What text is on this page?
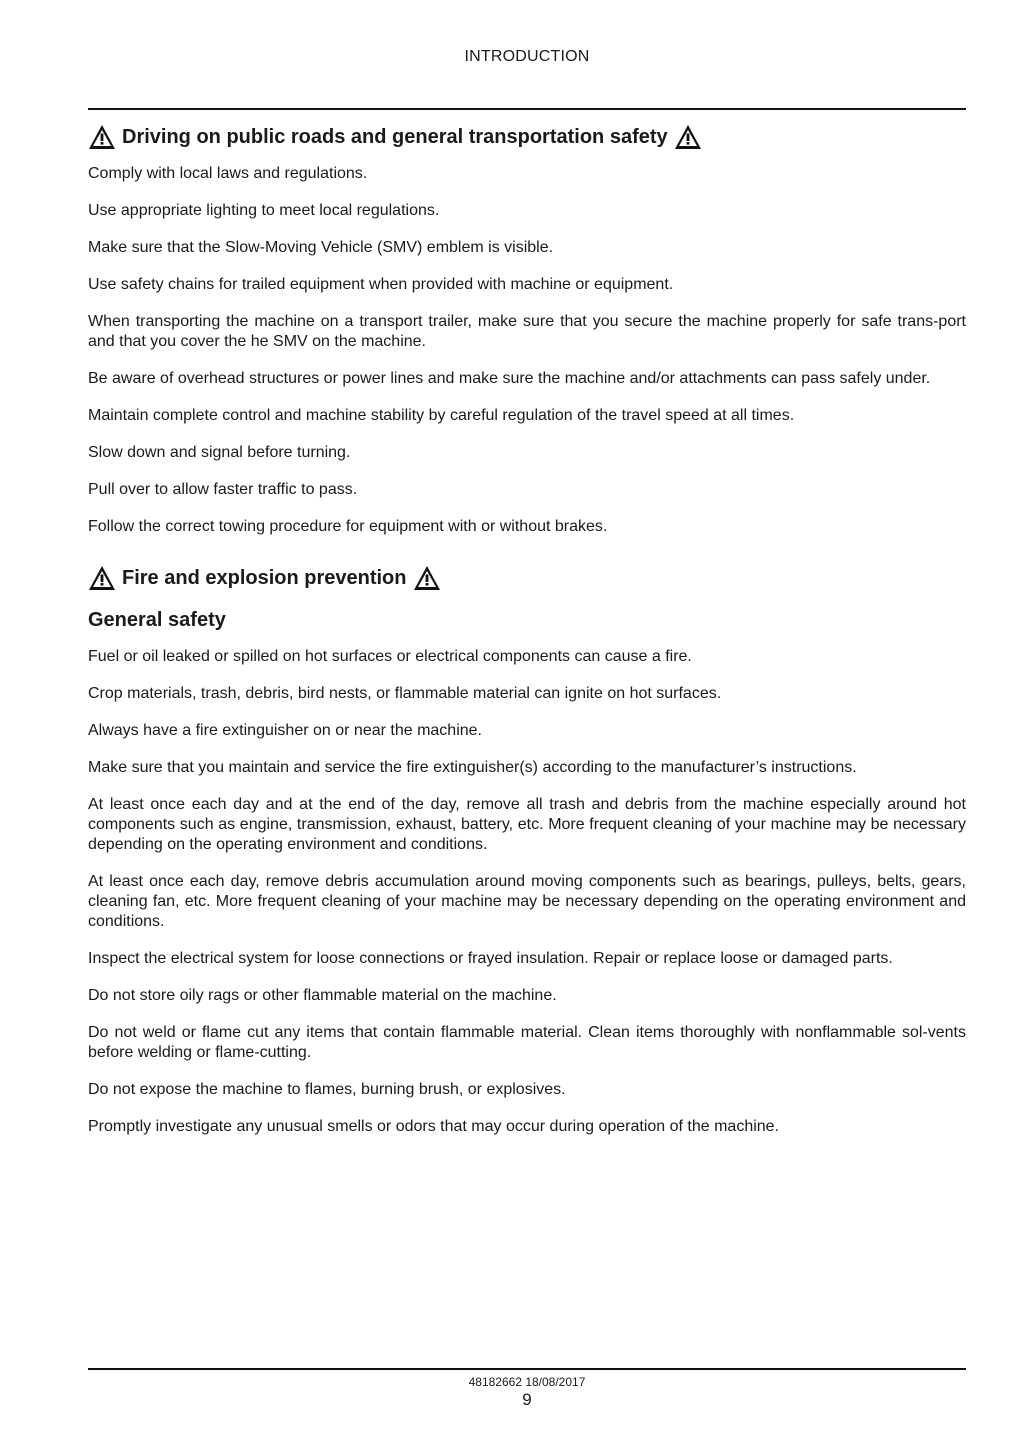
INTRODUCTION
Driving on public roads and general transportation safety

Comply with local laws and regulations.

Use appropriate lighting to meet local regulations.

Make sure that the Slow-Moving Vehicle (SMV) emblem is visible.

Use safety chains for trailed equipment when provided with machine or equipment.

When transporting the machine on a transport trailer, make sure that you secure the machine properly for safe trans-port and that you cover the he SMV on the machine.

Be aware of overhead structures or power lines and make sure the machine and/or attachments can pass safely under.

Maintain complete control and machine stability by careful regulation of the travel speed at all times.

Slow down and signal before turning.

Pull over to allow faster traffic to pass.

Follow the correct towing procedure for equipment with or without brakes.

Fire and explosion prevention
General safety

Fuel or oil leaked or spilled on hot surfaces or electrical components can cause a fire.

Crop materials, trash, debris, bird nests, or flammable material can ignite on hot surfaces.

Always have a fire extinguisher on or near the machine.

Make sure that you maintain and service the fire extinguisher(s) according to the manufacturer’s instructions.

At least once each day and at the end of the day, remove all trash and debris from the machine especially around hot components such as engine, transmission, exhaust, battery, etc. More frequent cleaning of your machine may be necessary depending on the operating environment and conditions.

At least once each day, remove debris accumulation around moving components such as bearings, pulleys, belts, gears, cleaning fan, etc. More frequent cleaning of your machine may be necessary depending on the operating environment and conditions.

Inspect the electrical system for loose connections or frayed insulation. Repair or replace loose or damaged parts.

Do not store oily rags or other flammable material on the machine.

Do not weld or flame cut any items that contain flammable material. Clean items thoroughly with nonflammable sol-vents before welding or flame-cutting.

Do not expose the machine to flames, burning brush, or explosives.

Promptly investigate any unusual smells or odors that may occur during operation of the machine.

48182662 18/08/2017
9
